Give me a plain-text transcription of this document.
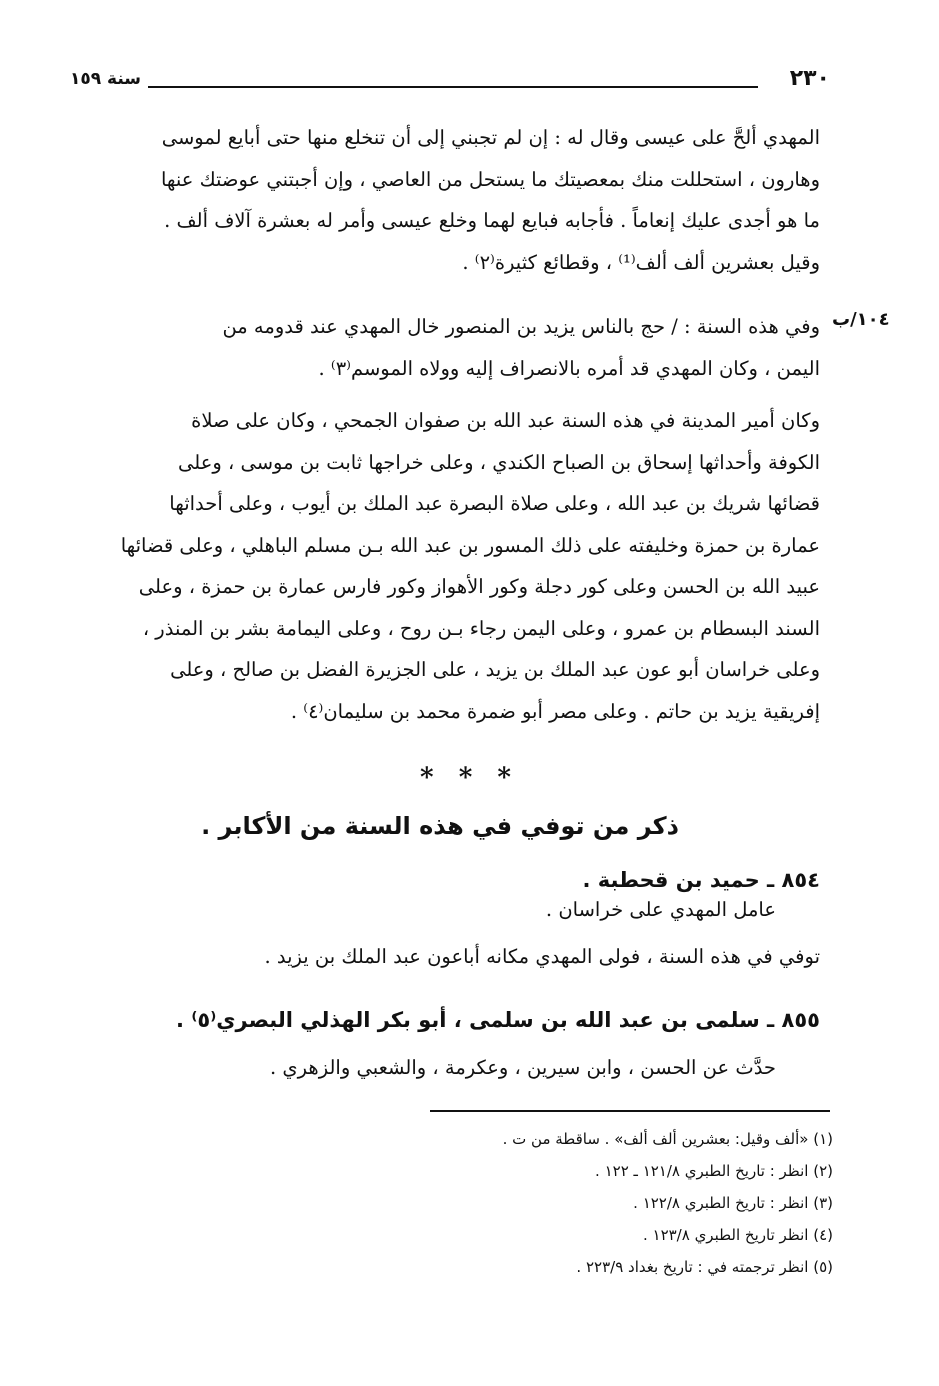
٢٣٠
سنة ١٥٩

المهدي ألحَّ على عيسى وقال له : إن لم تجبني إلى أن تنخلع منها حتى أبايع لموسى

وهارون ، استحللت منك بمعصيتك ما يستحل من العاصي ، وإن أجبتني عوضتك عنها

ما هو أجدى عليك إنعاماً . فأجابه فبايع لهما وخلع عيسى وأمر له بعشرة آلاف ألف .

وقيل بعشرين ألف ألف⁽¹⁾ ، وقطائع كثيرة⁽٢⁾ .

١٠٤/ب

وفي هذه السنة : / حج بالناس يزيد بن المنصور خال المهدي عند قدومه من

اليمن ، وكان المهدي قد أمره بالانصراف إليه وولاه الموسم⁽٣⁾ .

وكان أمير المدينة في هذه السنة عبد الله بن صفوان الجمحي ، وكان على صلاة

الكوفة وأحداثها إسحاق بن الصباح الكندي ، وعلى خراجها ثابت بن موسى ، وعلى

قضائها شريك بن عبد الله ، وعلى صلاة البصرة عبد الملك بن أيوب ، وعلى أحداثها

عمارة بن حمزة وخليفته على ذلك المسور بن عبد الله بـن مسلم الباهلي ، وعلى قضائها

عبيد الله بن الحسن وعلى كور دجلة وكور الأهواز وكور فارس عمارة بن حمزة ، وعلى

السند البسطام بن عمرو ، وعلى اليمن رجاء بـن روح ، وعلى اليمامة بشر بن المنذر ،

وعلى خراسان أبو عون عبد الملك بن يزيد ، على الجزيرة الفضل بن صالح ، وعلى

إفريقية يزيد بن حاتم . وعلى مصر أبو ضمرة محمد بن سليمان⁽٤⁾ .

* * *
ذكر من توفي في هذه السنة من الأكابر .
٨٥٤ ـ حميد بن قحطبة .
عامل المهدي على خراسان .
توفي في هذه السنة ، فولى المهدي مكانه أباعون عبد الملك بن يزيد .
٨٥٥ ـ سلمى بن عبد الله بن سلمى ، أبو بكر الهذلي البصري⁽٥⁾ .
حدَّث عن الحسن ، وابن سيرين ، وعكرمة ، والشعبي والزهري .
(١) «ألف وقيل: بعشرين ألف ألف» . ساقطة من ت .
(٢) انظر : تاريخ الطبري ١٢١/٨ ـ ١٢٢ .
(٣) انظر : تاريخ الطبري ١٢٢/٨ .
(٤) انظر تاريخ الطبري ١٢٣/٨ .
(٥) انظر ترجمته في : تاريخ بغداد ٢٢٣/٩ .
